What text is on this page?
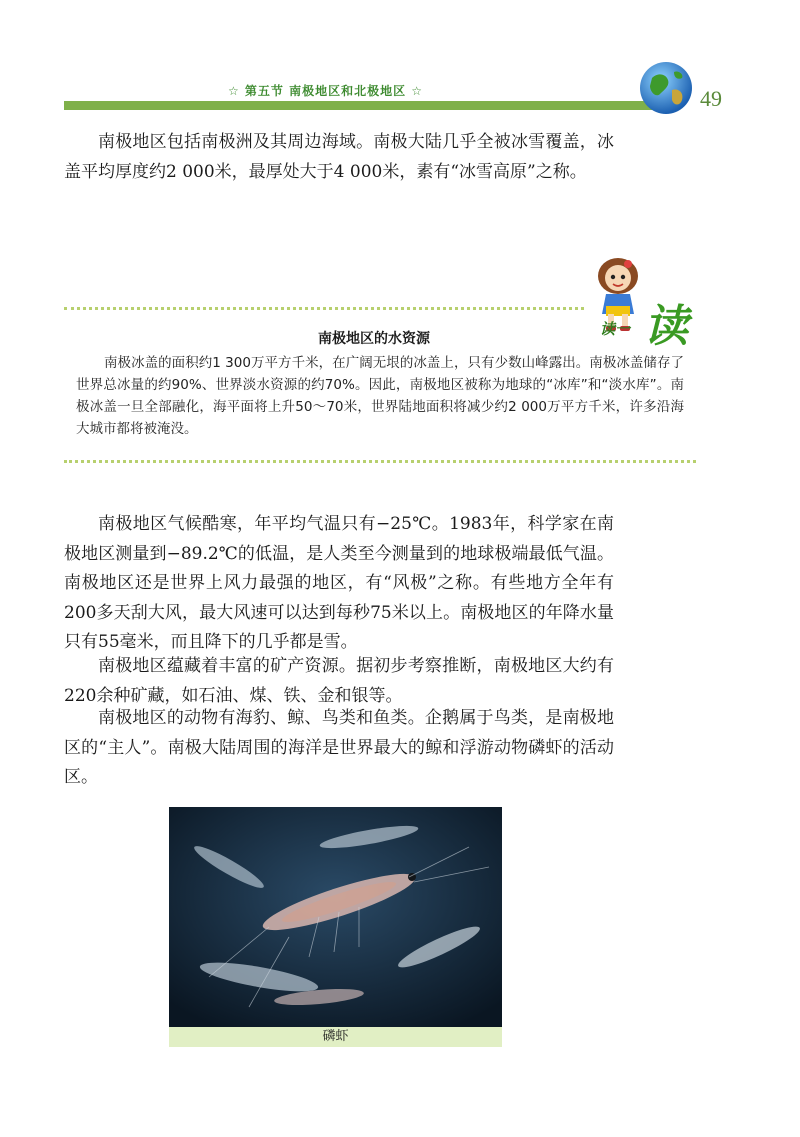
☆ 第五节 南极地区和北极地区 ☆	49

南极地区包括南极洲及其周边海域。南极大陆几乎全被冰雪覆盖，冰盖平均厚度约2 000米，最厚处大于4 000米，素有“冰雪高原”之称。

读一 读
南极地区的水资源

南极冰盖的面积约1 300万平方千米，在广阔无垠的冰盖上，只有少数山峰露出。南极冰盖储存了世界总冰量的约90%、世界淡水资源的约70%。因此，南极地区被称为地球的“冰库”和“淡水库”。南极冰盖一旦全部融化，海平面将上升50～70米，世界陆地面积将减少约2 000万平方千米，许多沿海大城市都将被淹没。

南极地区气候酷寒，年平均气温只有−25℃。1983年，科学家在南极地区测量到−89.2℃的低温，是人类至今测量到的地球极端最低气温。南极地区还是世界上风力最强的地区，有“风极”之称。有些地方全年有200多天刮大风，最大风速可以达到每秒75米以上。南极地区的年降水量只有55毫米，而且降下的几乎都是雪。

南极地区蕴藏着丰富的矿产资源。据初步考察推断，南极地区大约有220余种矿藏，如石油、煤、铁、金和银等。

南极地区的动物有海豹、鲸、鸟类和鱼类。企鹅属于鸟类，是南极地区的“主人”。南极大陆周围的海洋是世界最大的鲸和浮游动物磷虾的活动区。

磷虾
